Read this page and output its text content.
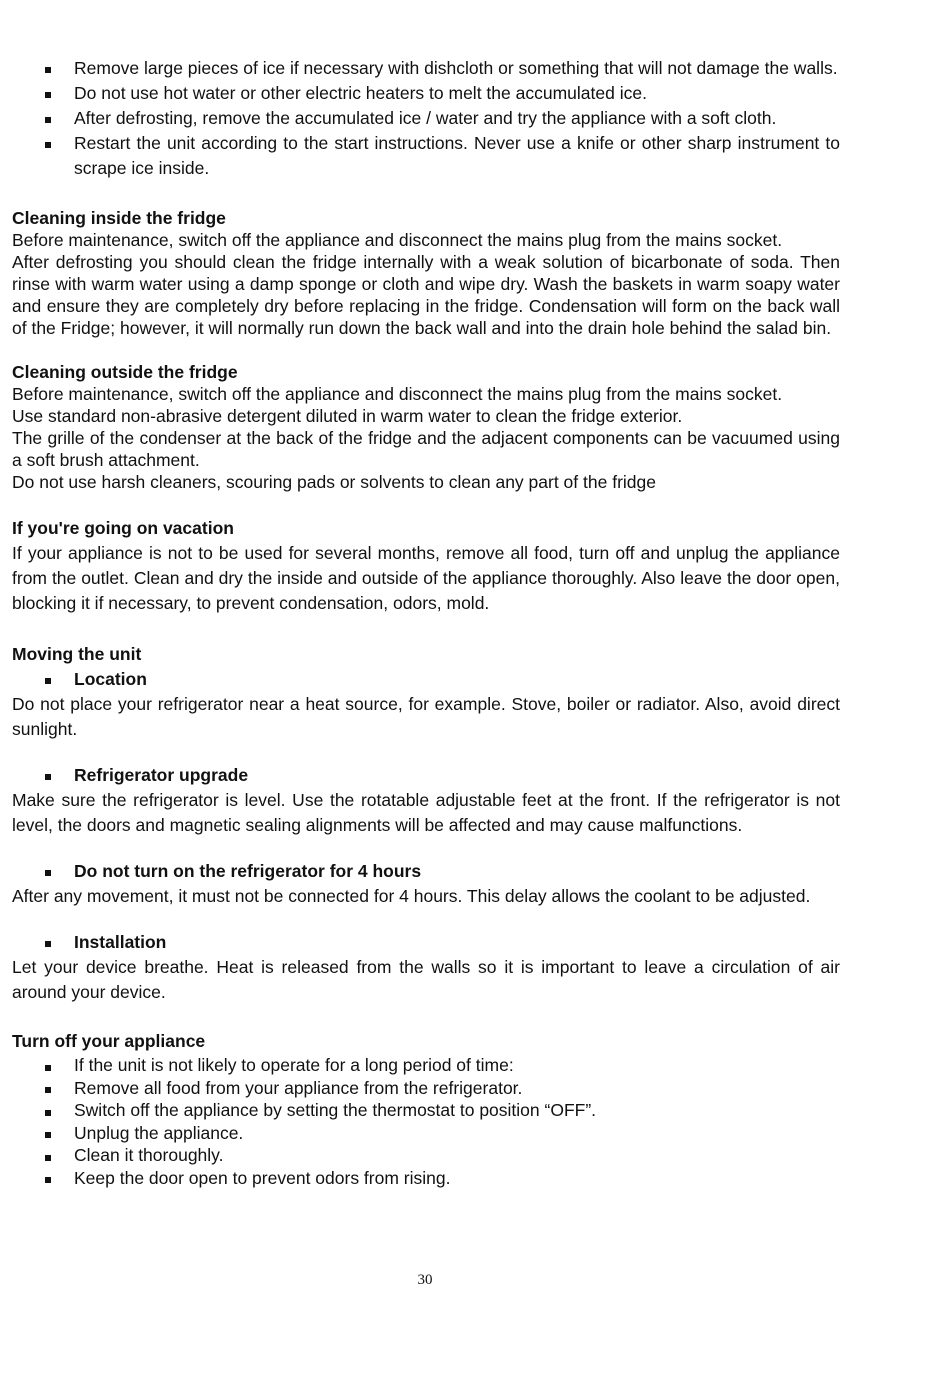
Remove large pieces of ice if necessary with dishcloth or something that will not damage the walls.
Do not use hot water or other electric heaters to melt the accumulated ice.
After defrosting, remove the accumulated ice / water and try the appliance with a soft cloth.
Restart the unit according to the start instructions. Never use a knife or other sharp instrument to scrape ice inside.

Cleaning inside the fridge

Before maintenance, switch off the appliance and disconnect the mains plug from the mains socket.

After defrosting you should clean the fridge internally with a weak solution of bicarbonate of soda. Then rinse with warm water using a damp sponge or cloth and wipe dry. Wash the baskets in warm soapy water and ensure they are completely dry before replacing in the fridge. Condensation will form on the back wall of the Fridge; however, it will normally run down the back wall and into the drain hole behind the salad bin.

Cleaning outside the fridge

Before maintenance, switch off the appliance and disconnect the mains plug from the mains socket.

Use standard non-abrasive detergent diluted in warm water to clean the fridge exterior.

The grille of the condenser at the back of the fridge and the adjacent components can be vacuumed using a soft brush attachment.

Do not use harsh cleaners, scouring pads or solvents to clean any part of the fridge

If you're going on vacation

If your appliance is not to be used for several months, remove all food, turn off and unplug the appliance from the outlet. Clean and dry the inside and outside of the appliance thoroughly. Also leave the door open, blocking it if necessary, to prevent condensation, odors, mold.

Moving the unit

Location

Do not place your refrigerator near a heat source, for example. Stove, boiler or radiator. Also, avoid direct sunlight.

Refrigerator upgrade

Make sure the refrigerator is level. Use the rotatable adjustable feet at the front. If the refrigerator is not level, the doors and magnetic sealing alignments will be affected and may cause malfunctions.

Do not turn on the refrigerator for 4 hours

After any movement, it must not be connected for 4 hours. This delay allows the coolant to be adjusted.

Installation

Let your device breathe. Heat is released from the walls so it is important to leave a circulation of air around your device.

Turn off your appliance

If the unit is not likely to operate for a long period of time:
Remove all food from your appliance from the refrigerator.
Switch off the appliance by setting the thermostat to position “OFF”.
Unplug the appliance.
Clean it thoroughly.
Keep the door open to prevent odors from rising.
30
